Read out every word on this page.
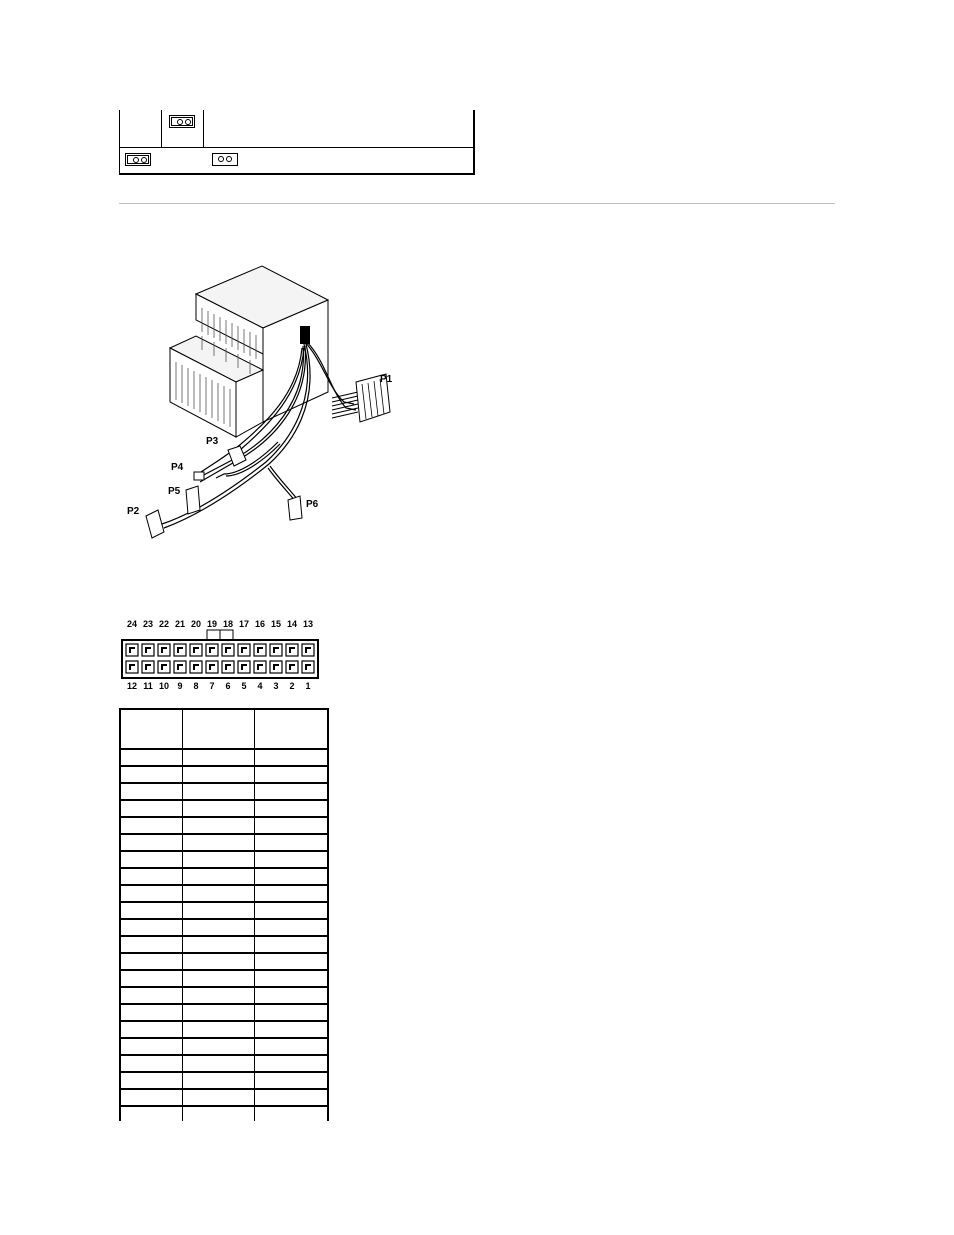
P1
P3
P4
P5
P6
P2
24 23 22 21 20 19 18 17 16 15 14 13
12 11 10 9 8 7 6 5 4 3 2 1
